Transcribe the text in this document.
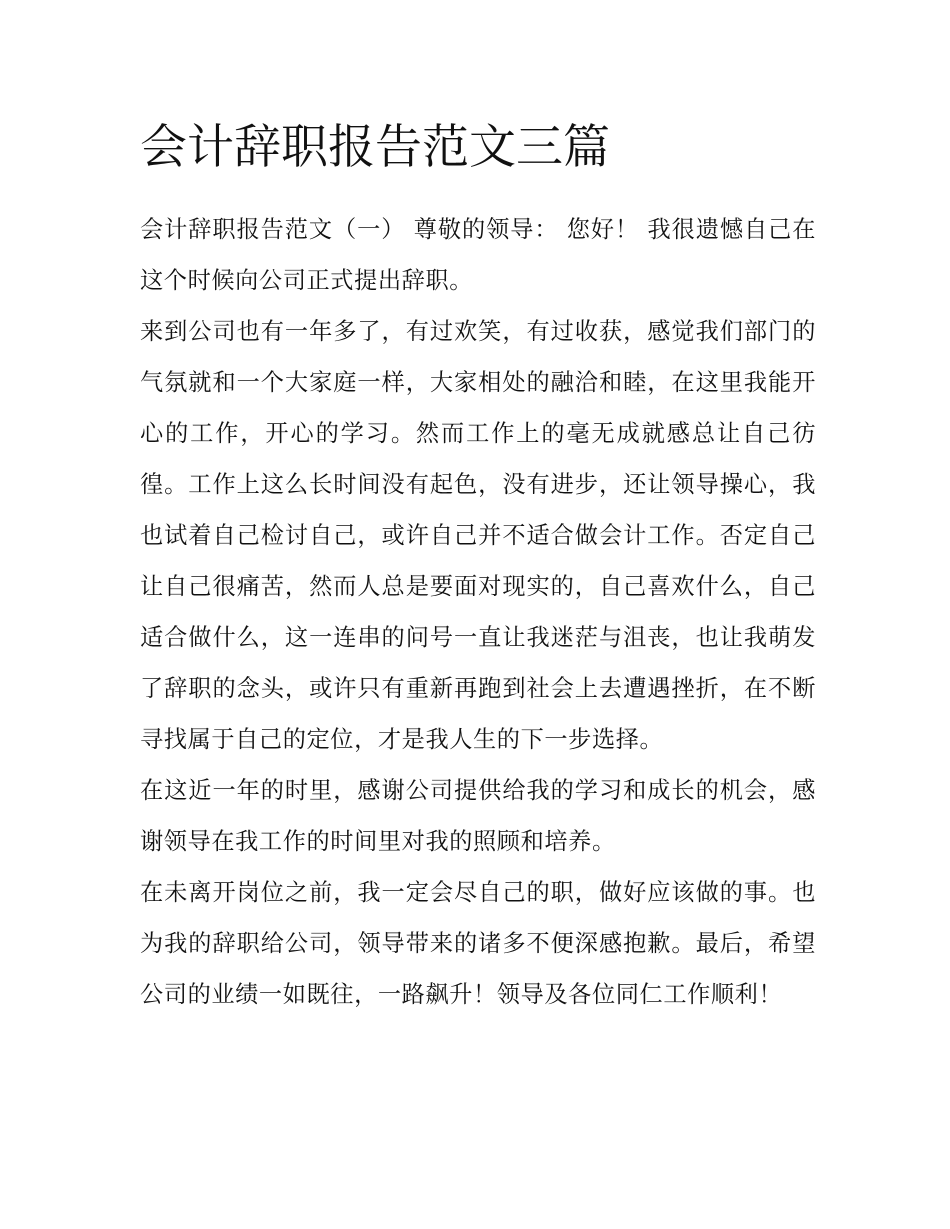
会计辞职报告范文三篇

会计辞职报告范文（一） 尊敬的领导： 您好！ 我很遗憾自己在这个时候向公司正式提出辞职。

来到公司也有一年多了，有过欢笑，有过收获，感觉我们部门的气氛就和一个大家庭一样，大家相处的融洽和睦，在这里我能开心的工作，开心的学习。然而工作上的毫无成就感总让自己彷徨。工作上这么长时间没有起色，没有进步，还让领导操心，我也试着自己检讨自己，或许自己并不适合做会计工作。否定自己让自己很痛苦，然而人总是要面对现实的，自己喜欢什么，自己适合做什么，这一连串的问号一直让我迷茫与沮丧，也让我萌发了辞职的念头，或许只有重新再跑到社会上去遭遇挫折，在不断寻找属于自己的定位，才是我人生的下一步选择。

在这近一年的时里，感谢公司提供给我的学习和成长的机会，感谢领导在我工作的时间里对我的照顾和培养。

在未离开岗位之前，我一定会尽自己的职，做好应该做的事。也为我的辞职给公司，领导带来的诸多不便深感抱歉。最后，希望公司的业绩一如既往，一路飙升！领导及各位同仁工作顺利！
